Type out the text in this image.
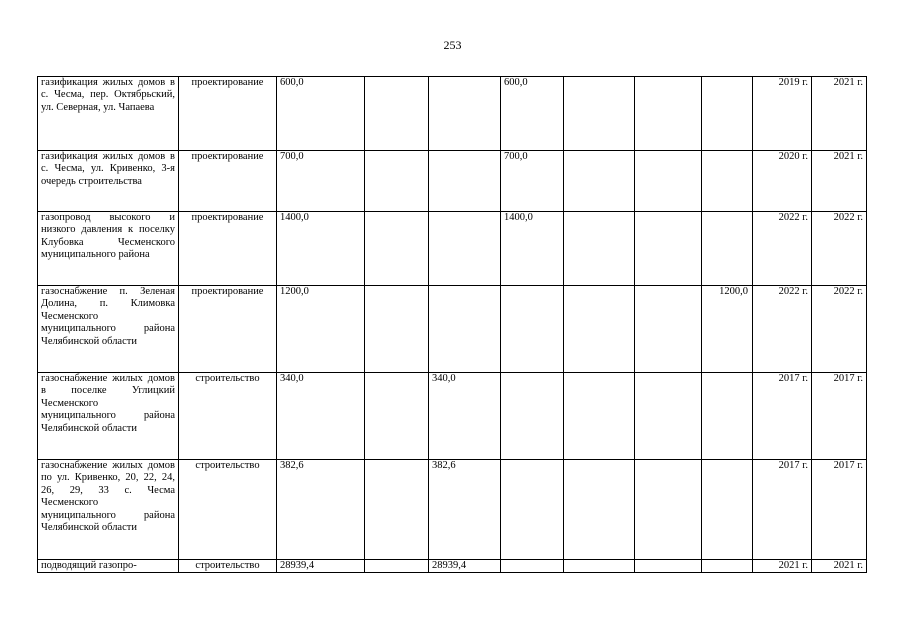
253
газификация жилых домов в с. Чесма, пер. Октябрьский, ул. Северная, ул. Чапаева	проектирование	600,0			600,0				2019 г.	2021 г.
газификация жилых домов в с. Чесма, ул. Кривенко, 3-я очередь строительства	проектирование	700,0			700,0				2020 г.	2021 г.
газопровод высокого и низкого давления к поселку Клубовка Чесменского муниципального района	проектирование	1400,0			1400,0				2022 г.	2022 г.
газоснабжение п. Зеленая Долина, п. Климовка Чесменского муниципального района Челябинской области	проектирование	1200,0						1200,0	2022 г.	2022 г.
газоснабжение жилых домов в поселке Углицкий Чесменского муниципального района Челябинской области	строительство	340,0		340,0					2017 г.	2017 г.
газоснабжение жилых домов по ул. Кривенко, 20, 22, 24, 26, 29, 33 с. Чесма Чесменского муниципального района Челябинской области	строительство	382,6		382,6					2017 г.	2017 г.
подводящий газопро-	строительство	28939,4		28939,4					2021 г.	2021 г.
